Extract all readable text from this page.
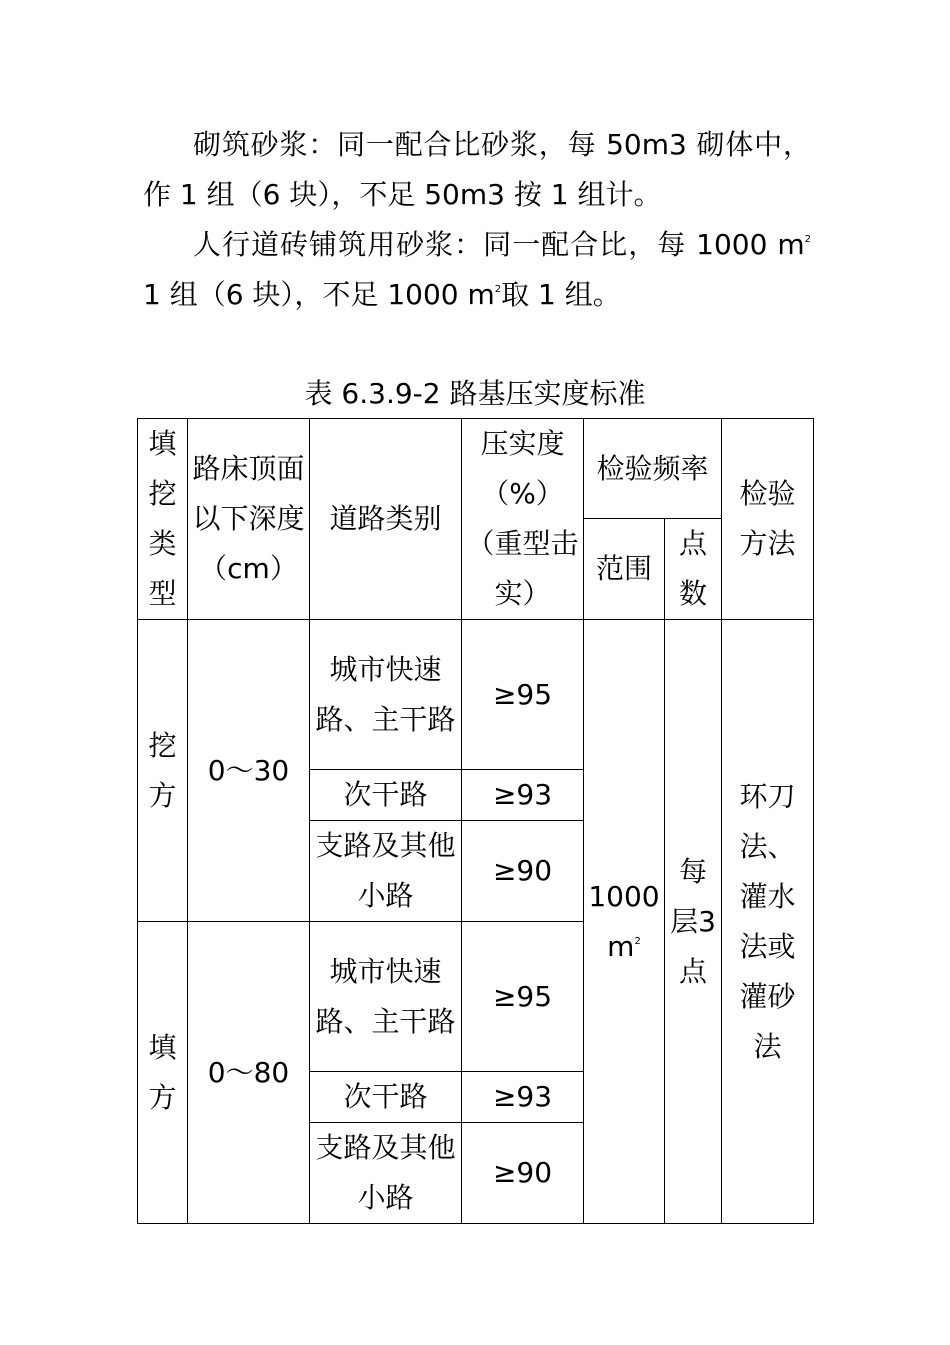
砌筑砂浆：同一配合比砂浆，每 50m3 砌体中，作 1 组（6 块），不足 50m3 按 1 组计。

人行道砖铺筑用砂浆：同一配合比，每 1000 $m^2$ 1 组（6 块），不足 1000 $m^2$取 1 组。

表 6.3.9-2 路基压实度标准
填挖类型	路床顶面以下深度（cm）	道路类别	压实度（%）（重型击实）	检验频率		检验方法
				范围	点数	
挖方	0～30	城市快速路、主干路	≥95	1000 $m^2$	每层3点	环刀法、灌水法或灌砂法
		次干路	≥93			
		支路及其他小路	≥90			
填方	0～80	城市快速路、主干路	≥95			
		次干路	≥93			
		支路及其他小路	≥90			
